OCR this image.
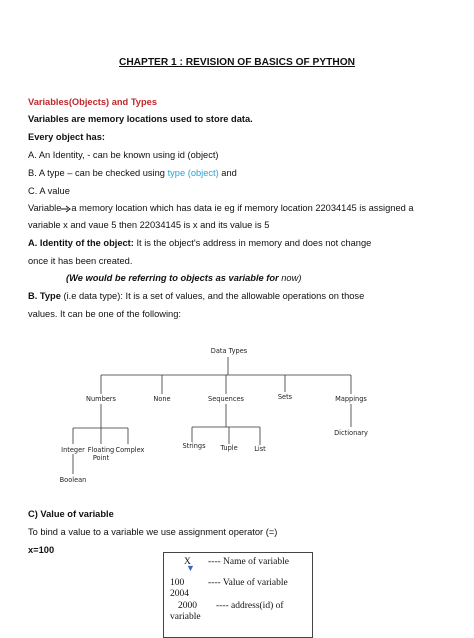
CHAPTER 1 : REVISION OF BASICS OF PYTHON
Variables(Objects) and Types
Variables are memory locations used to store data.
Every object has:
A. An Identity, - can be known using id (object)
B. A type – can be checked using type (object) and
C. A value
Variable a memory location which has data ie eg if memory location 22034145 is assigned a
variable x and vaue 5 then 22034145 is x and its value is 5
A. Identity of the object: It is the object's address in memory and does not change
once it has been created.
(We would be referring to objects as variable for now)
B. Type (i.e data type): It is a set of values, and the allowable operations on those
values. It can be one of the following:
Data Types
Numbers	None	Sequences	Sets	Mappings
Integer Floating
Point
Complex
Boolean
Strings Tuple	List
Dictionary
C) Value of variable
To bind a value to a variable we use assignment operator (=)
x=100
X ---- Name of variable
▼
100	---- Value of variable
2004
2000 ---- address(id) of
variable
